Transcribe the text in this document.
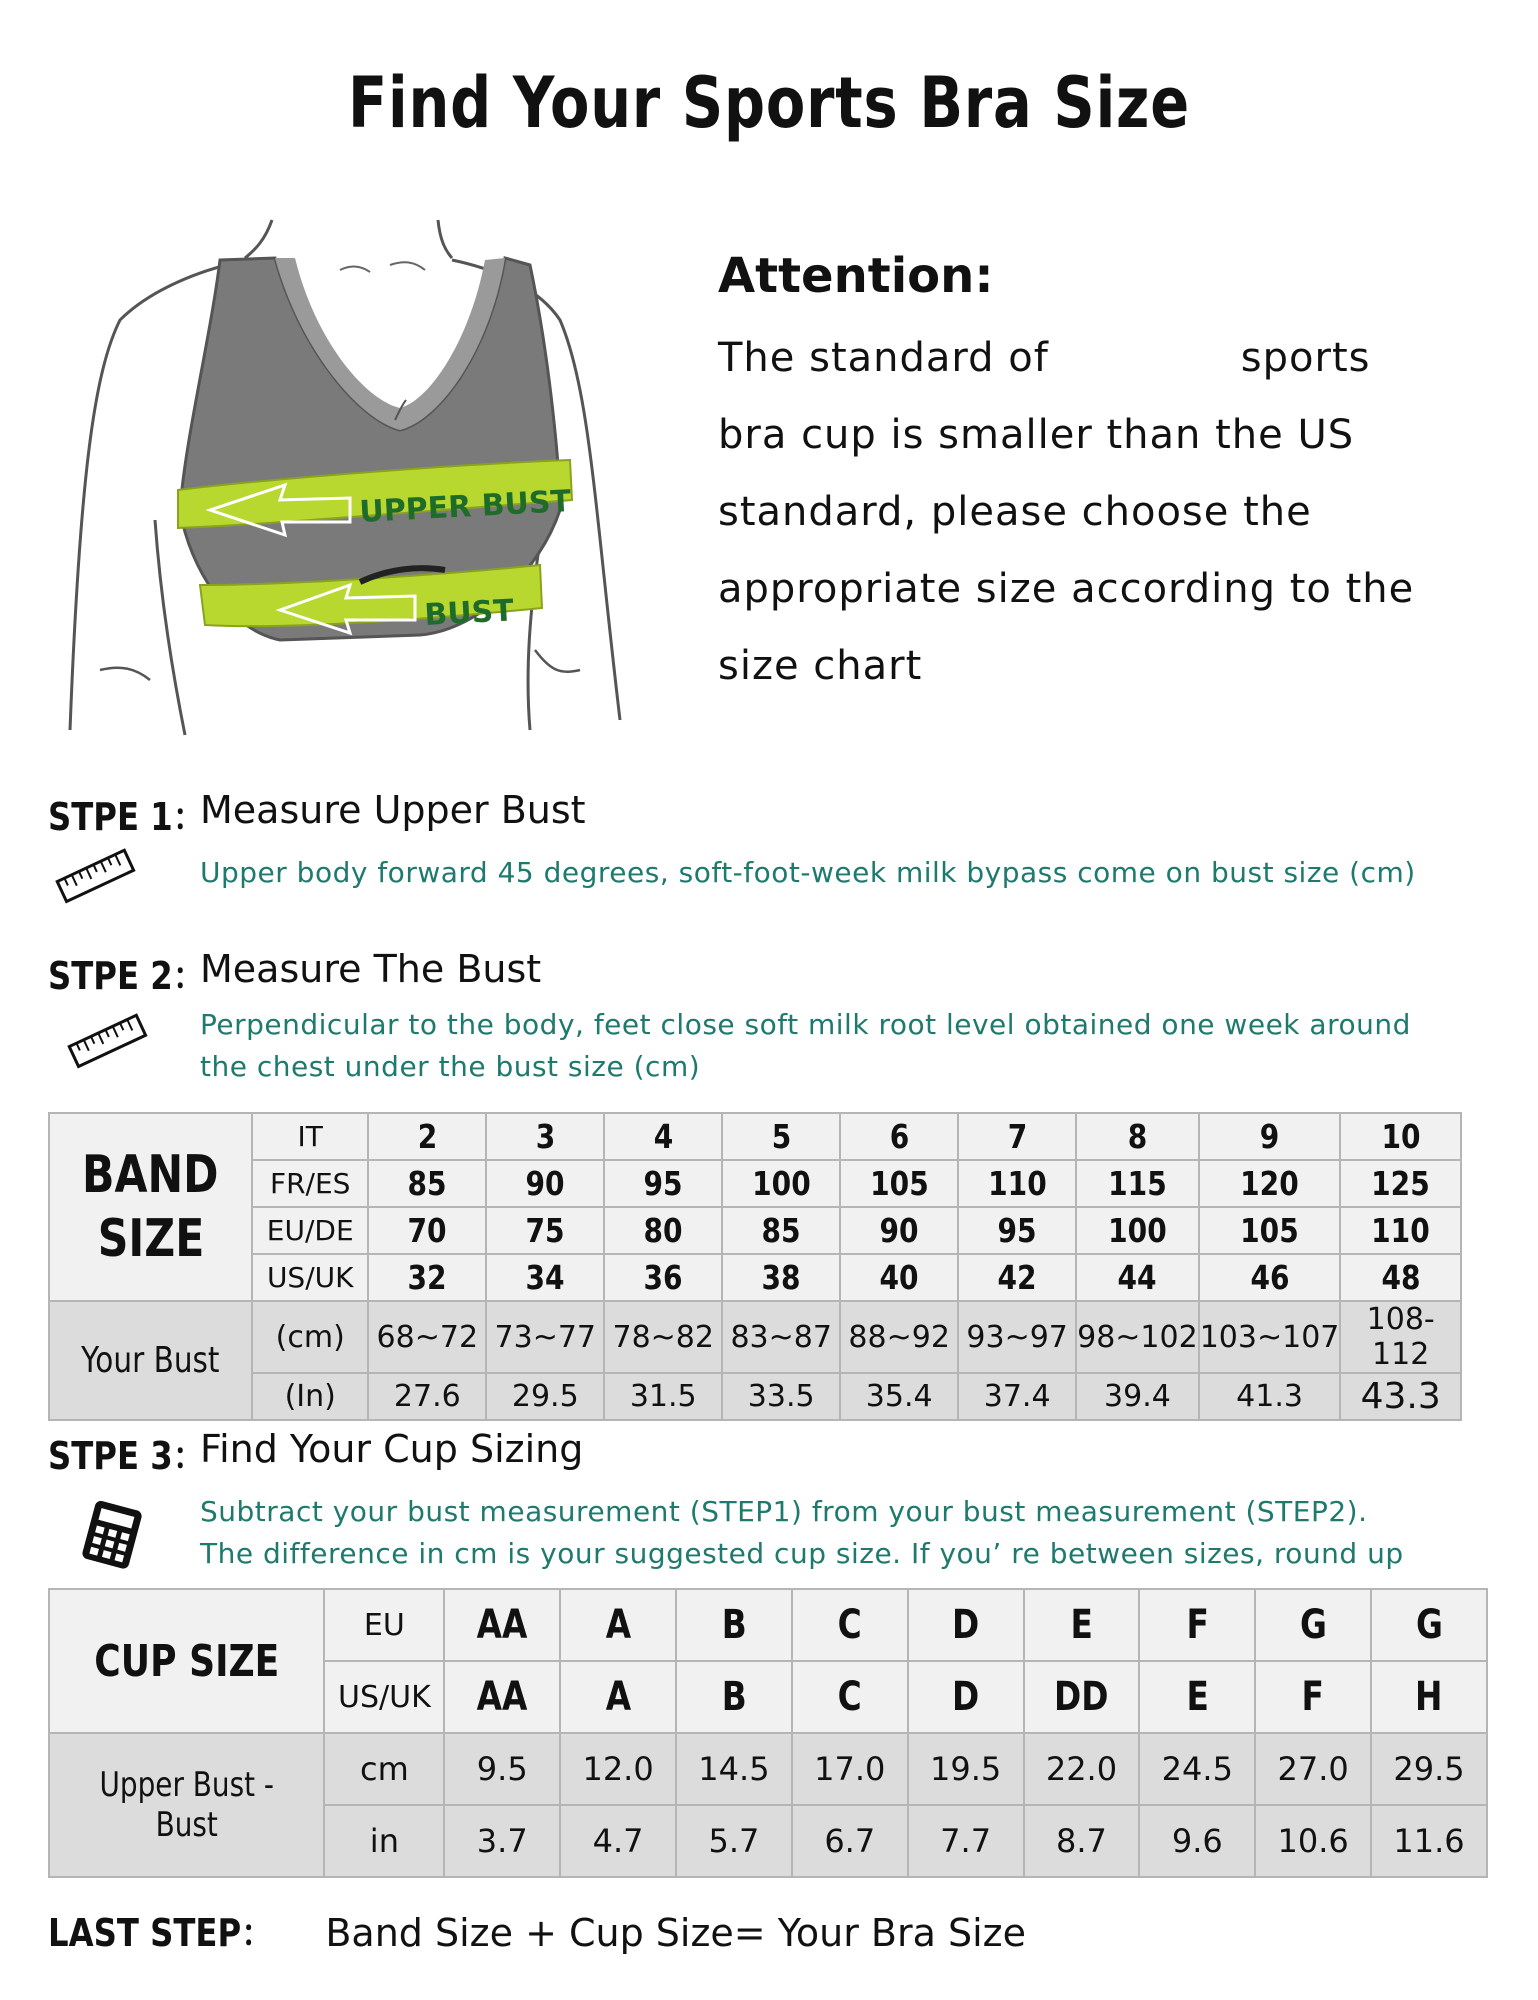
Find Your Sports Bra Size
UPPER BUST
BUST
Attention:
The standard of              sports
bra cup is smaller than the US
standard, please choose the
appropriate size according to the
size chart
STPE 1：
Measure Upper Bust
Upper body forward 45 degrees, soft-foot-week milk bypass come on bust size (cm)
STPE 2：
Measure The Bust
Perpendicular to the body, feet close soft milk root level obtained one week around
the chest under the bust size (cm)
BAND
SIZE	IT	2	3	4	5	6	7	8	9	10
	FR/ES	85	90	95	100	105	110	115	120	125
	EU/DE	70	75	80	85	90	95	100	105	110
	US/UK	32	34	36	38	40	42	44	46	48
Your Bust	(cm)	68~72	73~77	78~82	83~87	88~92	93~97	98~102	103~107	108-112
	(In)	27.6	29.5	31.5	33.5	35.4	37.4	39.4	41.3	43.3
STPE 3：
Find Your Cup Sizing
Subtract your bust measurement (STEP1) from your bust measurement (STEP2).
The difference in cm is your suggested cup size. If you’ re between sizes, round up
CUP SIZE	EU	AA	A	B	C	D	E	F	G	G
	US/UK	AA	A	B	C	D	DD	E	F	H
Upper Bust - Bust	cm	9.5	12.0	14.5	17.0	19.5	22.0	24.5	27.0	29.5
	in	3.7	4.7	5.7	6.7	7.7	8.7	9.6	10.6	11.6
LAST STEP： Band Size + Cup Size= Your Bra Size
